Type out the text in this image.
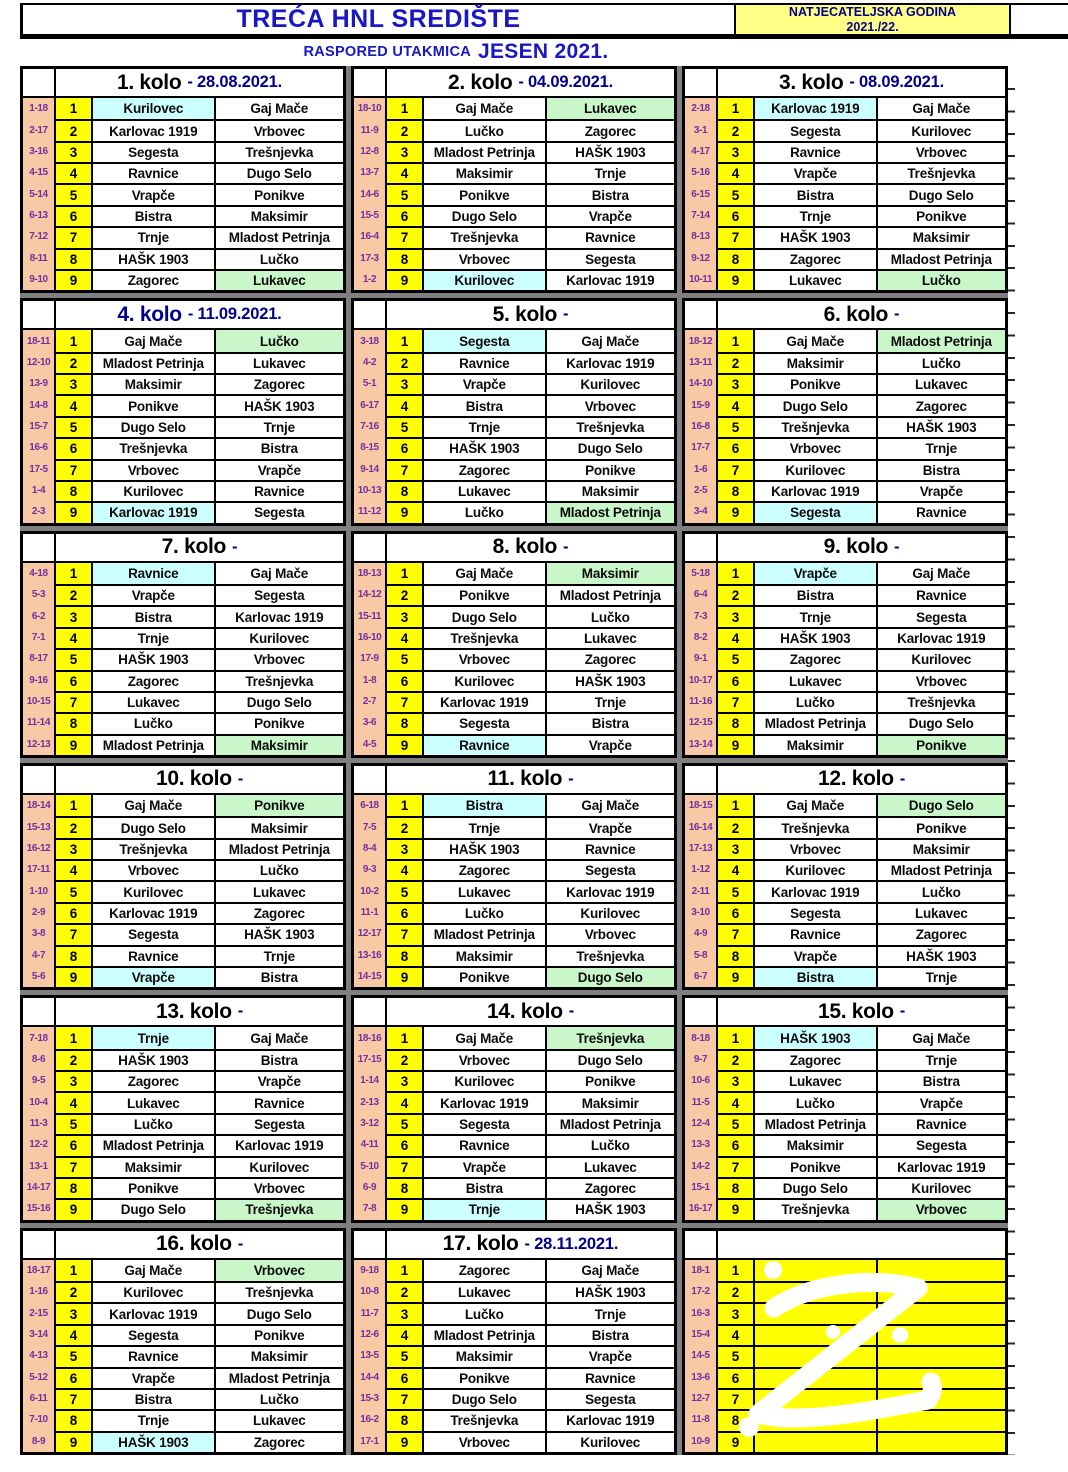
TREĆA HNL SREDIŠTE	NATJECATELJSKA GODINA
2021./22.
RASPORED UTAKMICA JESEN 2021.
1. kolo - 28.08.2021.
1-18	1	Kurilovec	Gaj Mače
2-17	2	Karlovac 1919	Vrbovec
3-16	3	Segesta	Trešnjevka
4-15	4	Ravnice	Dugo Selo
5-14	5	Vrapče	Ponikve
6-13	6	Bistra	Maksimir
7-12	7	Trnje	Mladost Petrinja
8-11	8	HAŠK 1903	Lučko
9-10	9	Zagorec	Lukavec
2. kolo - 04.09.2021.
18-10	1	Gaj Mače	Lukavec
11-9	2	Lučko	Zagorec
12-8	3	Mladost Petrinja	HAŠK 1903
13-7	4	Maksimir	Trnje
14-6	5	Ponikve	Bistra
15-5	6	Dugo Selo	Vrapče
16-4	7	Trešnjevka	Ravnice
17-3	8	Vrbovec	Segesta
1-2	9	Kurilovec	Karlovac 1919
3. kolo - 08.09.2021.
2-18	1	Karlovac 1919	Gaj Mače
3-1	2	Segesta	Kurilovec
4-17	3	Ravnice	Vrbovec
5-16	4	Vrapče	Trešnjevka
6-15	5	Bistra	Dugo Selo
7-14	6	Trnje	Ponikve
8-13	7	HAŠK 1903	Maksimir
9-12	8	Zagorec	Mladost Petrinja
10-11	9	Lukavec	Lučko
4. kolo - 11.09.2021.
18-11	1	Gaj Mače	Lučko
12-10	2	Mladost Petrinja	Lukavec
13-9	3	Maksimir	Zagorec
14-8	4	Ponikve	HAŠK 1903
15-7	5	Dugo Selo	Trnje
16-6	6	Trešnjevka	Bistra
17-5	7	Vrbovec	Vrapče
1-4	8	Kurilovec	Ravnice
2-3	9	Karlovac 1919	Segesta
5. kolo -
3-18	1	Segesta	Gaj Mače
4-2	2	Ravnice	Karlovac 1919
5-1	3	Vrapče	Kurilovec
6-17	4	Bistra	Vrbovec
7-16	5	Trnje	Trešnjevka
8-15	6	HAŠK 1903	Dugo Selo
9-14	7	Zagorec	Ponikve
10-13	8	Lukavec	Maksimir
11-12	9	Lučko	Mladost Petrinja
6. kolo -
18-12	1	Gaj Mače	Mladost Petrinja
13-11	2	Maksimir	Lučko
14-10	3	Ponikve	Lukavec
15-9	4	Dugo Selo	Zagorec
16-8	5	Trešnjevka	HAŠK 1903
17-7	6	Vrbovec	Trnje
1-6	7	Kurilovec	Bistra
2-5	8	Karlovac 1919	Vrapče
3-4	9	Segesta	Ravnice
7. kolo -
4-18	1	Ravnice	Gaj Mače
5-3	2	Vrapče	Segesta
6-2	3	Bistra	Karlovac 1919
7-1	4	Trnje	Kurilovec
8-17	5	HAŠK 1903	Vrbovec
9-16	6	Zagorec	Trešnjevka
10-15	7	Lukavec	Dugo Selo
11-14	8	Lučko	Ponikve
12-13	9	Mladost Petrinja	Maksimir
8. kolo -
18-13	1	Gaj Mače	Maksimir
14-12	2	Ponikve	Mladost Petrinja
15-11	3	Dugo Selo	Lučko
16-10	4	Trešnjevka	Lukavec
17-9	5	Vrbovec	Zagorec
1-8	6	Kurilovec	HAŠK 1903
2-7	7	Karlovac 1919	Trnje
3-6	8	Segesta	Bistra
4-5	9	Ravnice	Vrapče
9. kolo -
5-18	1	Vrapče	Gaj Mače
6-4	2	Bistra	Ravnice
7-3	3	Trnje	Segesta
8-2	4	HAŠK 1903	Karlovac 1919
9-1	5	Zagorec	Kurilovec
10-17	6	Lukavec	Vrbovec
11-16	7	Lučko	Trešnjevka
12-15	8	Mladost Petrinja	Dugo Selo
13-14	9	Maksimir	Ponikve
10. kolo -
18-14	1	Gaj Mače	Ponikve
15-13	2	Dugo Selo	Maksimir
16-12	3	Trešnjevka	Mladost Petrinja
17-11	4	Vrbovec	Lučko
1-10	5	Kurilovec	Lukavec
2-9	6	Karlovac 1919	Zagorec
3-8	7	Segesta	HAŠK 1903
4-7	8	Ravnice	Trnje
5-6	9	Vrapče	Bistra
11. kolo -
6-18	1	Bistra	Gaj Mače
7-5	2	Trnje	Vrapče
8-4	3	HAŠK 1903	Ravnice
9-3	4	Zagorec	Segesta
10-2	5	Lukavec	Karlovac 1919
11-1	6	Lučko	Kurilovec
12-17	7	Mladost Petrinja	Vrbovec
13-16	8	Maksimir	Trešnjevka
14-15	9	Ponikve	Dugo Selo
12. kolo -
18-15	1	Gaj Mače	Dugo Selo
16-14	2	Trešnjevka	Ponikve
17-13	3	Vrbovec	Maksimir
1-12	4	Kurilovec	Mladost Petrinja
2-11	5	Karlovac 1919	Lučko
3-10	6	Segesta	Lukavec
4-9	7	Ravnice	Zagorec
5-8	8	Vrapče	HAŠK 1903
6-7	9	Bistra	Trnje
13. kolo -
7-18	1	Trnje	Gaj Mače
8-6	2	HAŠK 1903	Bistra
9-5	3	Zagorec	Vrapče
10-4	4	Lukavec	Ravnice
11-3	5	Lučko	Segesta
12-2	6	Mladost Petrinja	Karlovac 1919
13-1	7	Maksimir	Kurilovec
14-17	8	Ponikve	Vrbovec
15-16	9	Dugo Selo	Trešnjevka
14. kolo -
18-16	1	Gaj Mače	Trešnjevka
17-15	2	Vrbovec	Dugo Selo
1-14	3	Kurilovec	Ponikve
2-13	4	Karlovac 1919	Maksimir
3-12	5	Segesta	Mladost Petrinja
4-11	6	Ravnice	Lučko
5-10	7	Vrapče	Lukavec
6-9	8	Bistra	Zagorec
7-8	9	Trnje	HAŠK 1903
15. kolo -
8-18	1	HAŠK 1903	Gaj Mače
9-7	2	Zagorec	Trnje
10-6	3	Lukavec	Bistra
11-5	4	Lučko	Vrapče
12-4	5	Mladost Petrinja	Ravnice
13-3	6	Maksimir	Segesta
14-2	7	Ponikve	Karlovac 1919
15-1	8	Dugo Selo	Kurilovec
16-17	9	Trešnjevka	Vrbovec
16. kolo -
18-17	1	Gaj Mače	Vrbovec
1-16	2	Kurilovec	Trešnjevka
2-15	3	Karlovac 1919	Dugo Selo
3-14	4	Segesta	Ponikve
4-13	5	Ravnice	Maksimir
5-12	6	Vrapče	Mladost Petrinja
6-11	7	Bistra	Lučko
7-10	8	Trnje	Lukavec
8-9	9	HAŠK 1903	Zagorec
17. kolo - 28.11.2021.
9-18	1	Zagorec	Gaj Mače
10-8	2	Lukavec	HAŠK 1903
11-7	3	Lučko	Trnje
12-6	4	Mladost Petrinja	Bistra
13-5	5	Maksimir	Vrapče
14-4	6	Ponikve	Ravnice
15-3	7	Dugo Selo	Segesta
16-2	8	Trešnjevka	Karlovac 1919
17-1	9	Vrbovec	Kurilovec
18-1	1
17-2	2
16-3	3
15-4	4
14-5	5
13-6	6
12-7	7
11-8	8
10-9	9
